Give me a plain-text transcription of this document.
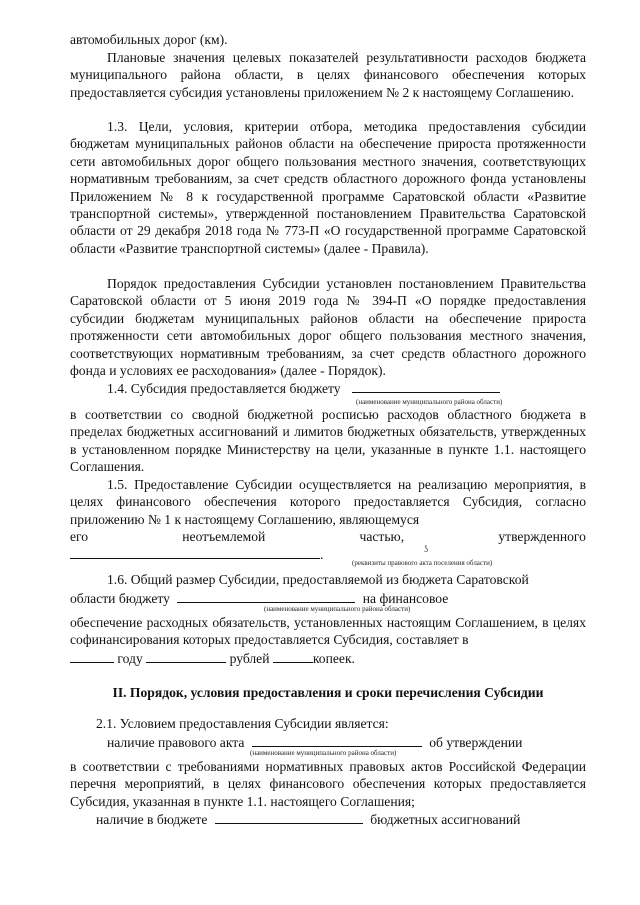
автомобильных дорог (км).

Плановые значения целевых показателей результативности расходов бюджета муниципального района области, в целях финансового обеспечения которых предоставляется субсидия установлены приложением № 2 к настоящему Соглашению.

1.3. Цели, условия, критерии отбора, методика предоставления субсидии бюджетам муниципальных районов области на обеспечение прироста протяженности сети автомобильных дорог общего пользования местного значения, соответствующих нормативным требованиям, за счет средств областного дорожного фонда установлены Приложением № 8 к государственной программе Саратовской области «Развитие транспортной системы», утвержденной постановлением Правительства Саратовской области от 29 декабря 2018 года № 773-П «О государственной программе Саратовской области «Развитие транспортной системы» (далее - Правила).

Порядок предоставления Субсидии установлен постановлением Правительства Саратовской области от 5 июня 2019 года № 394-П «О порядке предоставления субсидии бюджетам муниципальных районов области на обеспечение прироста протяженности сети автомобильных дорог общего пользования местного значения, соответствующих нормативным требованиям, за счет средств областного дорожного фонда и условиях ее расходования» (далее - Порядок).

1.4. Субсидия предоставляется бюджету
(наименование муниципального района области)

в соответствии со сводной бюджетной росписью расходов областного бюджета в пределах бюджетных ассигнований и лимитов бюджетных обязательств, утвержденных в установленном порядке Министерству на цели, указанные в пункте 1.1. настоящего Соглашения.

1.5. Предоставление Субсидии осуществляется на реализацию мероприятия, в целях финансового обеспечения которого предоставляется Субсидия, согласно приложению № 1 к настоящему Соглашению, являющемуся

его	неотъемлемой	частью,	утвержденного
.	ʖ
(реквизиты правового акта поселения области)
1.6. Общий размер Субсидии, предоставляемой из бюджета Саратовской
области бюджету	на финансовое
(наименование муниципального района области)

обеспечение расходных обязательств, установленных настоящим Соглашением, в целях софинансирования которых предоставляется Субсидия, составляет в

году	рублей	копеек.
II. Порядок, условия предоставления и сроки перечисления Субсидии
2.1. Условием предоставления Субсидии является:
наличие правового акта	об утверждении
(наименование муниципального района области)

в соответствии с требованиями нормативных правовых актов Российской Федерации перечня мероприятий, в целях финансового обеспечения которых предоставляется Субсидия, указанная в пункте 1.1. настоящего Соглашения;

наличие в бюджете	бюджетных ассигнований
